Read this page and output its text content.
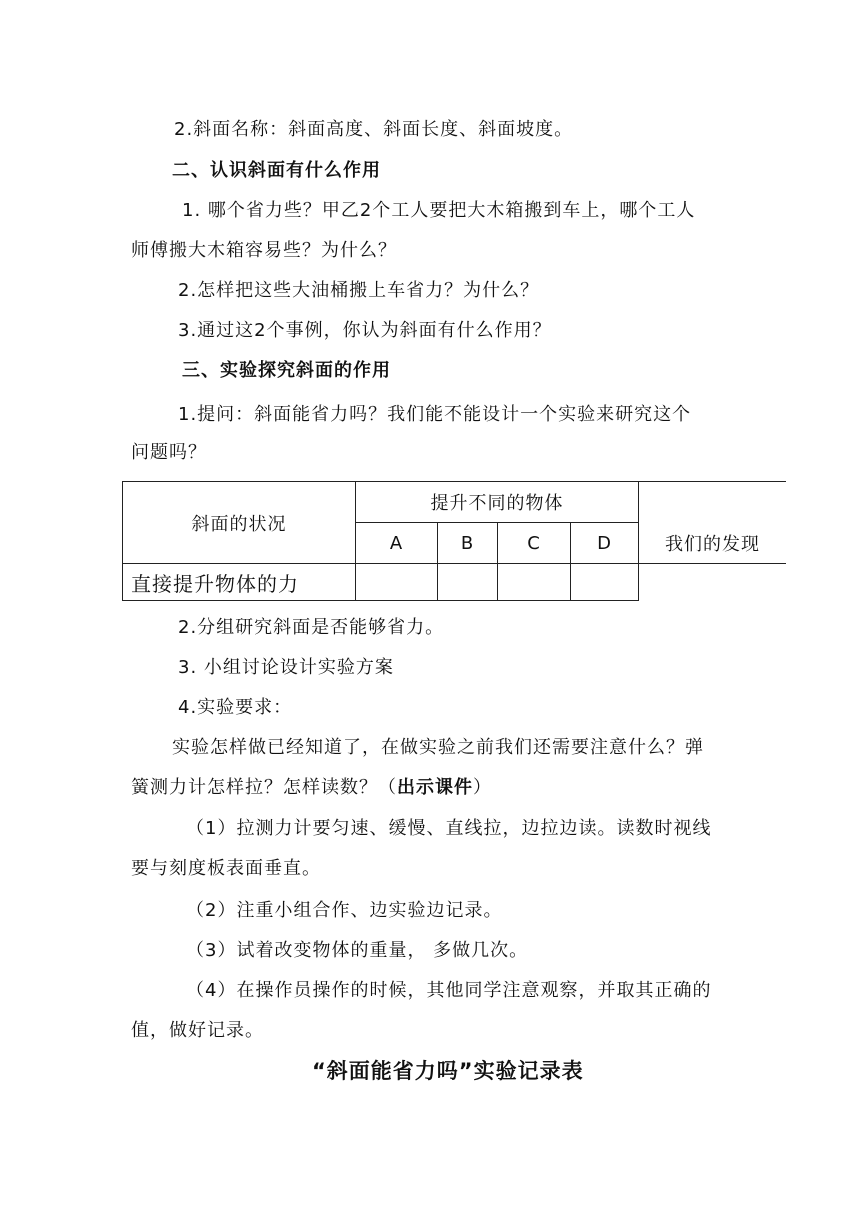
2.斜面名称：斜面高度、斜面长度、斜面坡度。
二、认识斜面有什么作用
1. 哪个省力些？甲乙2个工人要把大木箱搬到车上，哪个工人
师傅搬大木箱容易些？为什么？
2.怎样把这些大油桶搬上车省力？为什么？
3.通过这2个事例，你认为斜面有什么作用？
三、实验探究斜面的作用
1.提问：斜面能省力吗？我们能不能设计一个实验来研究这个
问题吗？
斜面的状况	提升不同的物体				我们的发现
	A	B	C	D	
直接提升物体的力					
2.分组研究斜面是否能够省力。
3. 小组讨论设计实验方案
4.实验要求：
实验怎样做已经知道了，在做实验之前我们还需要注意什么？弹
簧测力计怎样拉？怎样读数？（出示课件）
（1）拉测力计要匀速、缓慢、直线拉，边拉边读。读数时视线
要与刻度板表面垂直。
（2）注重小组合作、边实验边记录。
（3）试着改变物体的重量， 多做几次。
（4）在操作员操作的时候，其他同学注意观察，并取其正确的
值，做好记录。
“斜面能省力吗”实验记录表
